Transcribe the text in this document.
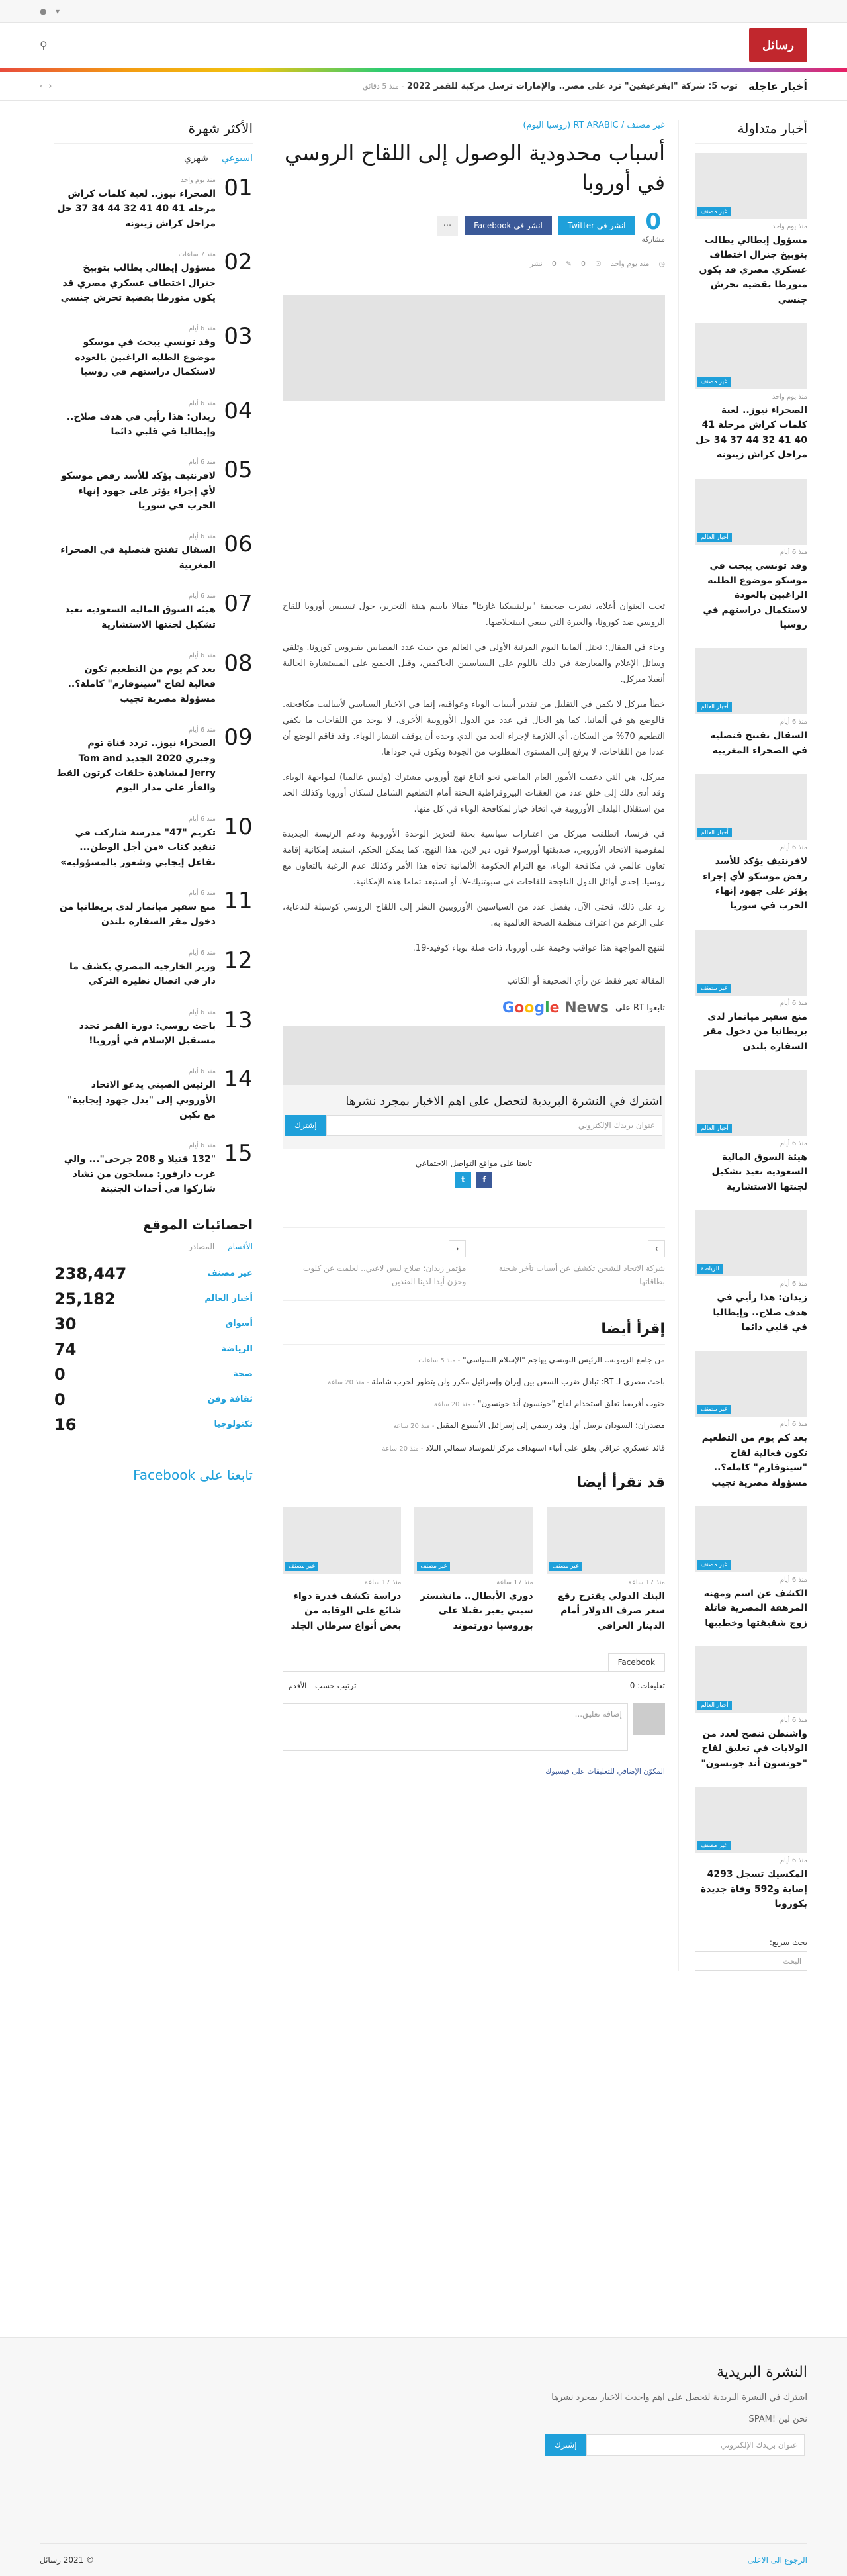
● ▾
رسائل
⚲
أخبار عاجلة
توب 5: شركة "ايفرغيفين" ترد على مصر.. والإمارات ترسل مركبة للقمر 2022 - منذ 5 دقائق
‹ ›
أخبار متداولة
غير مصنف
منذ يوم واحد
مسؤول إيطالي يطالب بتوبيخ جنرال اختطاف عسكري مصري قد يكون متورطا بقضية تحرش جنسي
غير مصنف
منذ يوم واحد
الصحراء نيوز.. لعبة كلمات كراش مرحلة 41 40 41 32 44 37 34 حل مراحل كراش زيتونة
أخبار العالم
منذ 6 أيام
وفد تونسي يبحث في موسكو موضوع الطلبة الراغبين بالعودة لاستكمال دراستهم في روسيا
أخبار العالم
منذ 6 أيام
السقال تفتتح فنصلية في الصحراء المغربية
أخبار العالم
منذ 6 أيام
لافرنتيف يؤكد للأسد رفض موسكو لأي إجراء يؤثر على جهود إنهاء الحرب في سوريا
غير مصنف
منذ 6 أيام
منع سفير ميانمار لدى بريطانيا من دخول مقر السفارة بلندن
أخبار العالم
منذ 6 أيام
هيئة السوق المالية السعودية تعيد تشكيل لجنتها الاستشارية
الرياضة
منذ 6 أيام
زيدان: هذا رأيي في هدف صلاح.. وإيطاليا في قلبي دائما
غير مصنف
منذ 6 أيام
بعد كم يوم من التطعيم تكون فعالية لقاح "سينوفارم" كاملة؟.. مسؤولة مصرية تجيب
غير مصنف
منذ 6 أيام
الكشف عن اسم ومهنة المرهقة المصرية قاتلة زوج شقيقتها وخطيبها
أخبار العالم
منذ 6 أيام
واشنطن تنصح لعدد من الولايات في تعليق لقاح "جونسون أند جونسون"
غير مصنف
منذ 6 أيام
المكسيك تسجل 4293 إصابة و592 وفاة جديدة بكورونا
بحث سريع:
البحث
غير مصنف / RT ARABIC (روسيا اليوم)
أسباب محدودية الوصول إلى اللقاح الروسي في أوروبا
0
مشاركة
انشر في Twitter
انشر في Facebook
···
◷
منذ يوم واحد
☉
0
✎
0
نشر

تحت العنوان أعلاه، نشرت صحيفة "برلينسكيا غازيتا" مقالا باسم هيئة التحرير، حول تسييس أوروبا للقاح الروسي ضد كورونا، والعبرة التي ينبغي استخلاصها.

وجاء في المقال: تحتل ألمانيا اليوم المرتبة الأولى في العالم من حيث عدد المصابين بفيروس كورونا. وتلقي وسائل الإعلام والمعارضة في ذلك باللوم على السياسيين الحاكمين، وقبل الجميع على المستشارة الحالية أنغيلا ميركل.

خطأ ميركل لا يكمن في التقليل من تقدير أسباب الوباء وعواقبه، إنما في الاخيار السياسي لأساليب مكافحته. فالوضع هو في ألمانيا، كما هو الحال في عدد من الدول الأوروبية الأخرى، لا يوجد من اللقاحات ما يكفي التطعيم 70% من السكان، أي اللازمة لإجراء الحد من الذي وحده أن يوقف انتشار الوباء. وقد فاقم الوضع أن عددا من اللقاحات، لا يرفع إلى المستوى المطلوب من الجودة ويكون في جوداها.

ميركل، هي التي دعمت الأمور العام الماضي نحو اتباع نهج أوروبي مشترك (وليس عالميا) لمواجهة الوباء. وقد أدى ذلك إلى خلق عدد من العقبات البيروقراطية البحتة أمام التطعيم الشامل لسكان أوروبا وكذلك الحد من استقلال البلدان الأوروبية في اتخاذ خيار لمكافحة الوباء في كل منها.

في فرنسا، اتطلقت ميركل من اعتبارات سياسية بحتة لتعزيز الوحدة الأوروبية ودعم الرئيسة الجديدة لمفوضية الاتحاد الأوروبي، صديقتها أورسولا فون دير لاين. هذا النهج، كما يمكن الحكم، استبعد إمكانية إقامة تعاون عالمي في مكافحة الوباء، مع التزام الحكومة الألمانية تجاه هذا الأمر وكذلك عدم الرغبة بالتعاون مع روسيا. إحدى أوائل الدول الناجحة للقاحات في سبوتنيك-V، أو استبعد تماما هذه الإمكانية.

زد على ذلك، فحتى الآن، يفضل عدد من السياسيين الأوروبيين النظر إلى اللقاح الروسي كوسيلة للدعاية، على الرغم من اعتراف منظمة الصحة العالمية به.

لتنهج المواجهة هذا عواقب وخيمة على أوروبا، ذات صلة بوباء كوفيد-19.

المقالة تعبر فقط عن رأي الصحيفة أو الكاتب

تابعوا RT على
Google News
اشترك في النشرة البريدية لتحصل على اهم الاخبار بمجرد نشرها
عنوان بريدك الإلكتروني
إشترك
تابعنا على مواقع التواصل الاجتماعي
f
t
›
شركة الاتحاد للشحن تكشف عن أسباب تأخر شحنة بطاقاتها
‹
مؤتمر زيدان: صلاح ليس لاعبي.. لعلمت عن كلوب وحزن أيدا لدينا الفندين
إقرأ أيضا
من جامع الزيتونة.. الرئيس التونسي يهاجم "الإسلام السياسي" - منذ 5 ساعات
باحث مصري لـ RT: تبادل ضرب السفن بين إيران وإسرائيل مكرر ولن يتطور لحرب شاملة - منذ 20 ساعة
جنوب أفريقيا تعلق استخدام لقاح "جونسون أند جونسون" - منذ 20 ساعة
مصدران: السودان يرسل أول وفد رسمي إلى إسرائيل الأسبوع المقبل - منذ 20 ساعة
قائد عسكري عراقي يعلق على أنباء استهداف مركز للموساد شمالي البلاد - منذ 20 ساعة
قد تقرأ أيضا
غير مصنف
منذ 17 ساعة
البنك الدولي يقترح رفع سعر صرف الدولار أمام الدينار العراقي
غير مصنف
منذ 17 ساعة
دوري الأبطال.. مانشستر سيتي يعبر تقبلا على بوروسيا دورتموند
غير مصنف
منذ 17 ساعة
دراسة تكشف قدرة دواء شائع على الوقاية من بعض أنواع سرطان الجلد
Facebook
تعليقات: 0
ترتيب حسب الأقدم
إضافة تعليق...
المكوّن الإضافي للتعليقات على فيسبوك
الأكثر شهرة
اسبوعي
شهري
01
منذ يوم واحد
الصحراء نيوز.. لعبة كلمات كراش مرحلة 41 40 41 32 44 34 37 حل مراحل كراش زيتونة
02
منذ 7 ساعات
مسؤول إيطالي يطالب بتوبيخ جنرال اختطاف عسكري مصري قد يكون متورطا بقضية تحرش جنسي
03
منذ 6 أيام
وفد تونسي يبحث في موسكو موضوع الطلبة الراغبين بالعودة لاستكمال دراستهم في روسيا
04
منذ 6 أيام
زيدان: هذا رأيي في هدف صلاح.. وإيطاليا في قلبي دائما
05
منذ 6 أيام
لافرنتيف يؤكد للأسد رفض موسكو لأي إجراء يؤثر على جهود إنهاء الحرب في سوريا
06
منذ 6 أيام
السقال تفتتح فنصلية في الصحراء المغربية
07
منذ 6 أيام
هيئة السوق المالية السعودية تعيد تشكيل لجنتها الاستشارية
08
منذ 6 أيام
بعد كم يوم من التطعيم تكون فعالية لقاح "سينوفارم" كاملة؟.. مسؤولة مصرية تجيب
09
منذ 6 أيام
الصحراء نيوز.. تردد قناة توم وجيري 2020 الجديد Tom and Jerry لمشاهدة حلقات كرتون القط والفأر على مدار اليوم
10
منذ 6 أيام
تكريم "47" مدرسة شاركت في تنفيذ كتاب «من أجل الوطن... تفاعل إيجابي وشعور بالمسؤولية»
11
منذ 6 أيام
منع سفير ميانمار لدى بريطانيا من دخول مقر السفارة بلندن
12
منذ 6 أيام
وزير الخارجية المصري يكشف ما دار في اتصال نظيره التركي
13
منذ 6 أيام
باحث روسي: دورة القمر تحدد مستقبل الإسلام في أوروبا!
14
منذ 6 أيام
الرئيس الصيني يدعو الاتحاد الأوروبي إلى "بذل جهود إيجابية" مع بكين
15
منذ 6 أيام
"132 قتيلا و 208 جرحى"... والي غرب دارفور: مسلحون من تشاد شاركوا في أحداث الجنينة
احصائيات الموقع
الأقسام
المصادر
غير مصنف
238,447
أخبار العالم
25,182
أسواق
30
الرياضة
74
صحة
0
ثقافة وفن
0
تكنولوجيا
16
تابعنا على Facebook
النشرة البريدية

اشترك في النشرة البريدية لتحصل على اهم واحدث الاخبار بمجرد نشرها

نحن لين !SPAM

عنوان بريدك الإلكتروني
إشترك
الرجوع الى الاعلى
© 2021 رسائل
